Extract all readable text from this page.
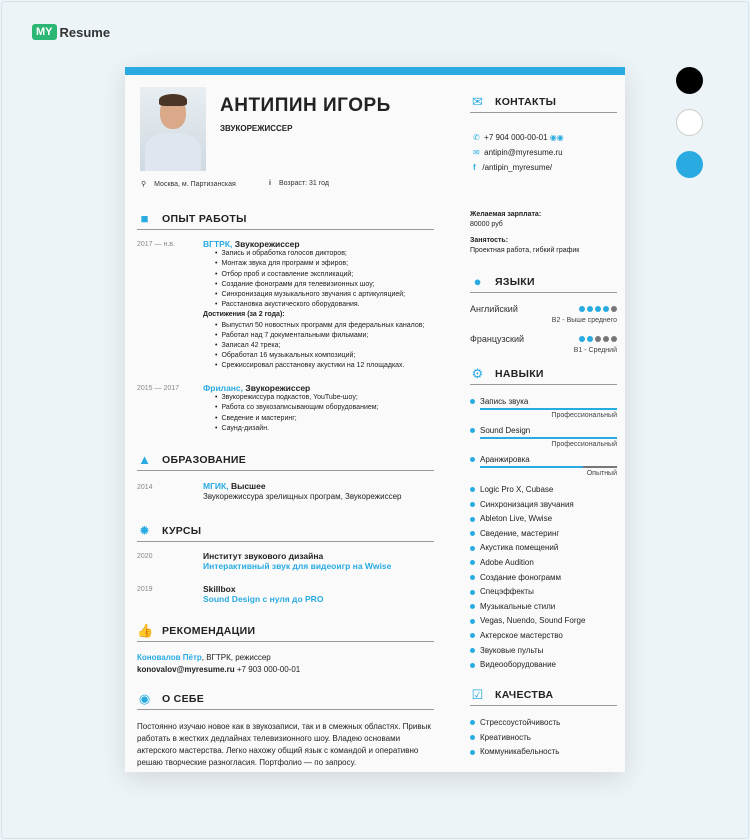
MY Resume
АНТИПИН ИГОРЬ
ЗВУКОРЕЖИССЕР
⚲ Москва, м. Партизанская	i Возраст: 31 год
■	ОПЫТ РАБОТЫ
2017 — н.в.	ВГТРК, Звукорежиссер
• Запись и обработка голосов дикторов;
• Монтаж звука для программ и эфиров;
• Отбор проб и составление экспликаций;
• Создание фонограмм для телевизионных шоу;
• Синхронизация музыкального звучания с артикуляцией;
• Расстановка акустического оборудования.
Достижения (за 2 года):
• Выпустил 50 новостных программ для федеральных каналов;
• Работал над 7 документальными фильмами;
• Записал 42 трека;
• Обработал 16 музыкальных композиций;
• Срежиссировал расстановку акустики на 12 площадках.
2015 — 2017	Фриланс, Звукорежиссер
• Звукорежиссура подкастов, YouTube-шоу;
• Работа со звукозаписывающим оборудованием;
• Сведение и мастеринг;
• Саунд-дизайн.
▲ ОБРАЗОВАНИЕ
2014	МГИК, Высшее
Звукорежиссура зрелищных програм, Звукорежиссер
✹ КУРСЫ
2020	Институт звукового дизайна
Интерактивный звук для видеоигр на Wwise
2019	Skillbox
Sound Design с нуля до PRO
👍 РЕКОМЕНДАЦИИ
Коновалов Пётр, ВГТРК, режиссер
konovalov@myresume.ru +7 903 000-00-01
◉ О СЕБЕ
Постоянно изучаю новое как в звукозаписи, так и в смежных областях. Привык работать в жестких дедлайнах телевизионного шоу. Владею основами актерского мастерства. Легко нахожу общий язык с командой и оперативно решаю творческие разногласия. Портфолио — по запросу.
✉ КОНТАКТЫ
✆ +7 904 000-00-01 ◉◉
✉ antipin@myresume.ru
f /antipin_myresume/
Желаемая зарплата:
80000 руб
Занятость:
Проектная работа, гибкий график
●	ЯЗЫКИ
Английский
B2 - Выше среднего
Французский
B1 - Средний
⚙ НАВЫКИ
Запись звука
Профессиональный
Sound Design
Профессиональный
Аранжировка
Опытный
Logic Pro X, Cubase
Синхронизация звучания
Ableton Live, Wwise
Сведение, мастеринг
Акустика помещений
Adobe Audition
Создание фонограмм
Спецэффекты
Музыкальные стили
Vegas, Nuendo, Sound Forge
Актерское мастерство
Звуковые пульты
Видеооборудование
☑ КАЧЕСТВА
Стрессоустойчивость
Креативность
Коммуникабельность
